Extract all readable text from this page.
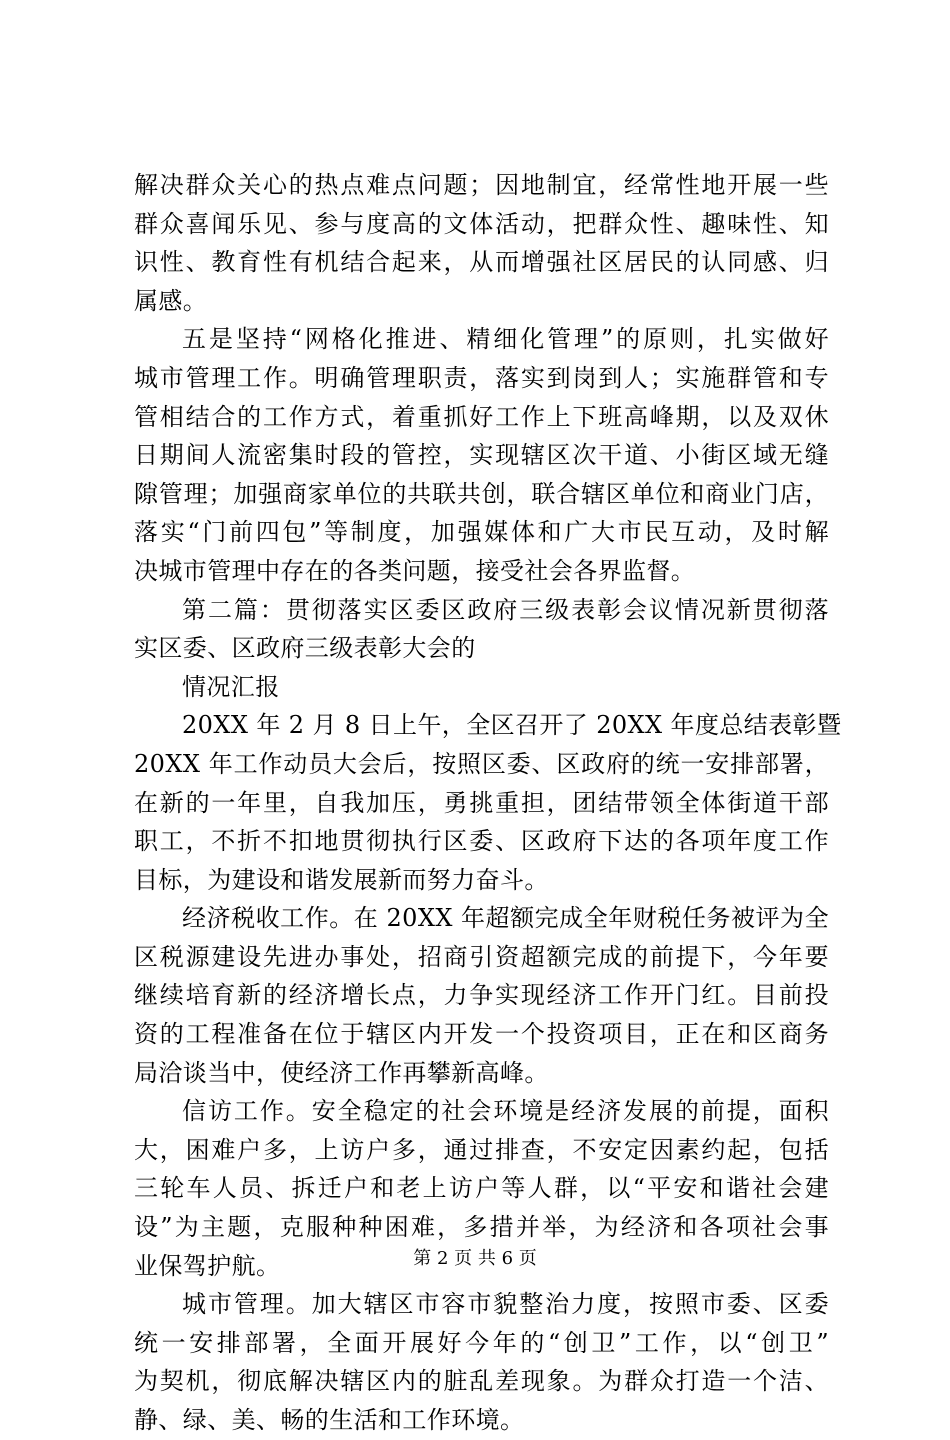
解决群众关心的热点难点问题；因地制宜，经常性地开展一些
群众喜闻乐见、参与度高的文体活动，把群众性、趣味性、知
识性、教育性有机结合起来，从而增强社区居民的认同感、归
属感。
五是坚持“网格化推进、精细化管理”的原则，扎实做好
城市管理工作。明确管理职责，落实到岗到人；实施群管和专
管相结合的工作方式，着重抓好工作上下班高峰期，以及双休
日期间人流密集时段的管控，实现辖区次干道、小街区域无缝
隙管理；加强商家单位的共联共创，联合辖区单位和商业门店，
落实“门前四包”等制度，加强媒体和广大市民互动，及时解
决城市管理中存在的各类问题，接受社会各界监督。
第二篇：贯彻落实区委区政府三级表彰会议情况新贯彻落
实区委、区政府三级表彰大会的
情况汇报
20XX 年 2 月 8 日上午，全区召开了 20XX 年度总结表彰暨
20XX 年工作动员大会后，按照区委、区政府的统一安排部署，
在新的一年里，自我加压，勇挑重担，团结带领全体街道干部
职工，不折不扣地贯彻执行区委、区政府下达的各项年度工作
目标，为建设和谐发展新而努力奋斗。
经济税收工作。在 20XX 年超额完成全年财税任务被评为全
区税源建设先进办事处，招商引资超额完成的前提下，今年要
继续培育新的经济增长点，力争实现经济工作开门红。目前投
资的工程准备在位于辖区内开发一个投资项目，正在和区商务
局洽谈当中，使经济工作再攀新高峰。
信访工作。安全稳定的社会环境是经济发展的前提，面积
大，困难户多，上访户多，通过排查，不安定因素约起，包括
三轮车人员、拆迁户和老上访户等人群，以“平安和谐社会建
设”为主题，克服种种困难，多措并举，为经济和各项社会事
业保驾护航。
城市管理。加大辖区市容市貌整治力度，按照市委、区委
统一安排部署，全面开展好今年的“创卫”工作，以“创卫”
为契机，彻底解决辖区内的脏乱差现象。为群众打造一个洁、
静、绿、美、畅的生活和工作环境。
第 2 页 共 6 页
